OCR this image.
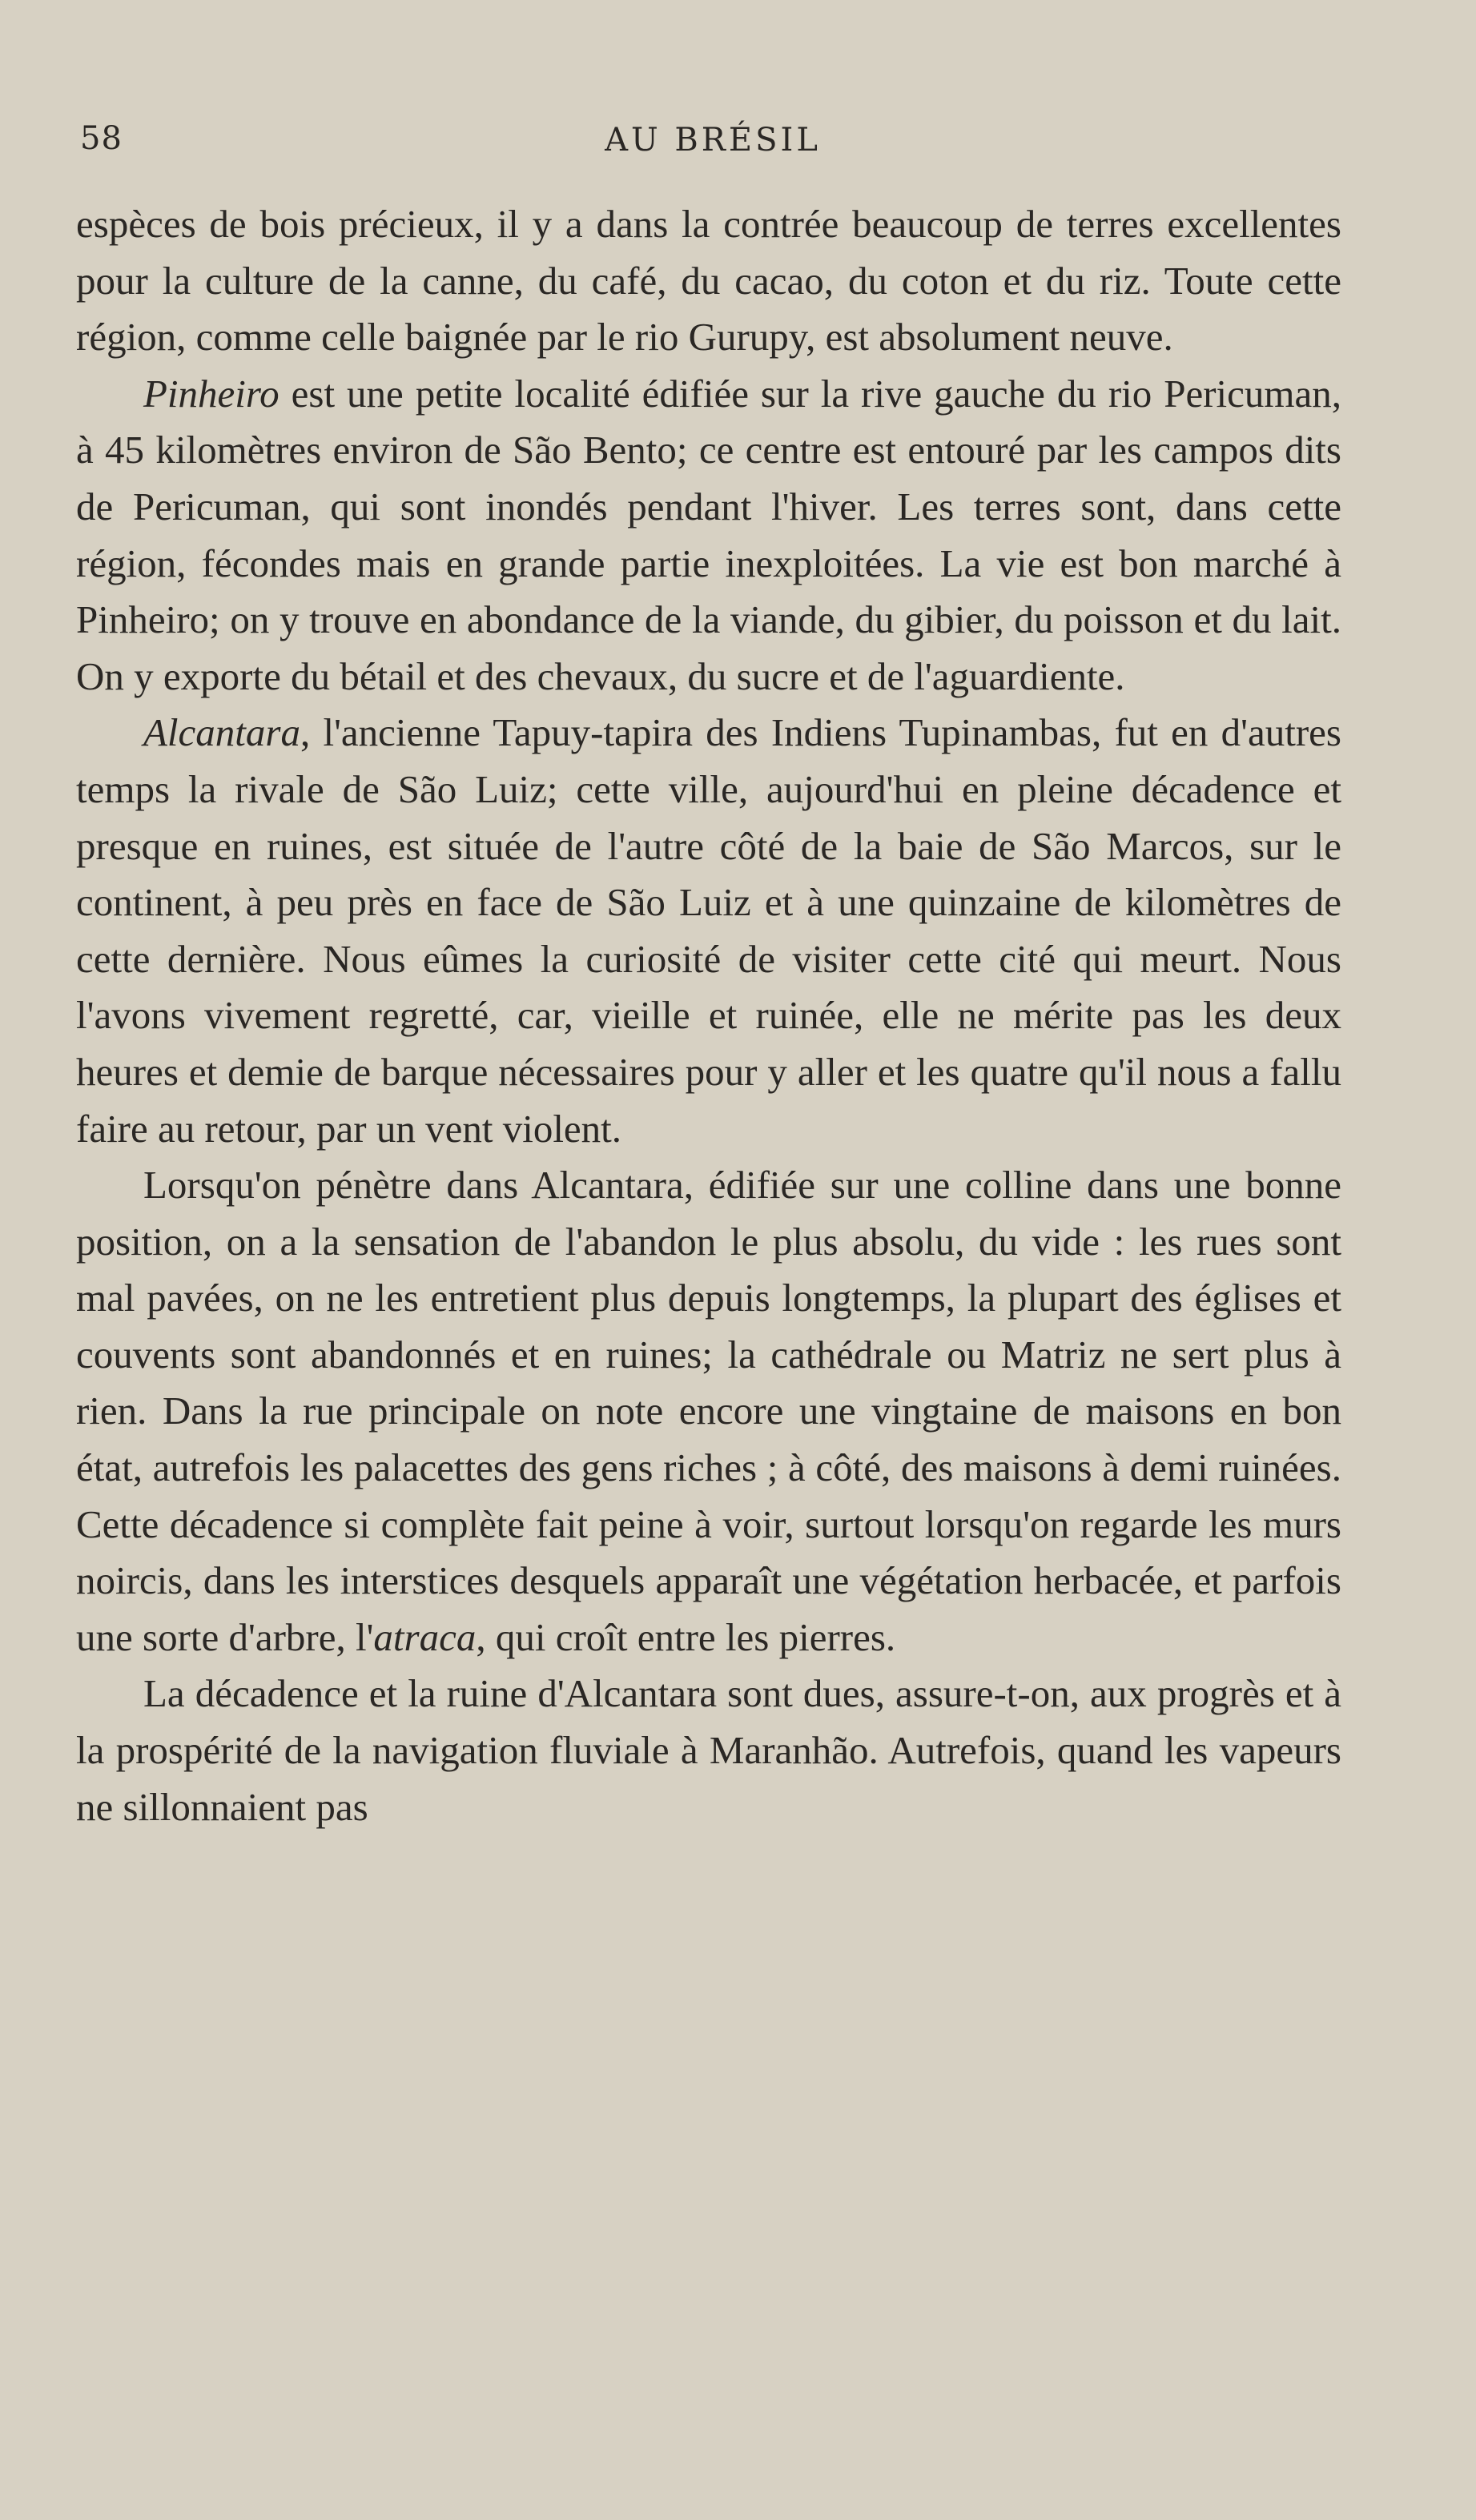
58	AU BRÉSIL

espèces de bois précieux, il y a dans la contrée beaucoup de terres excellentes pour la culture de la canne, du café, du cacao, du coton et du riz. Toute cette région, comme celle baignée par le rio Gurupy, est absolument neuve.

Pinheiro est une petite localité édifiée sur la rive gauche du rio Pericuman, à 45 kilomètres environ de São Bento; ce centre est entouré par les campos dits de Pericuman, qui sont inondés pendant l'hiver. Les terres sont, dans cette région, fécondes mais en grande partie inexploitées. La vie est bon marché à Pinheiro; on y trouve en abondance de la viande, du gibier, du poisson et du lait. On y exporte du bétail et des chevaux, du sucre et de l'aguardiente.

Alcantara, l'ancienne Tapuy-tapira des Indiens Tupinambas, fut en d'autres temps la rivale de São Luiz; cette ville, aujourd'hui en pleine décadence et presque en ruines, est située de l'autre côté de la baie de São Marcos, sur le continent, à peu près en face de São Luiz et à une quinzaine de kilomètres de cette dernière. Nous eûmes la curiosité de visiter cette cité qui meurt. Nous l'avons vivement regretté, car, vieille et ruinée, elle ne mérite pas les deux heures et demie de barque nécessaires pour y aller et les quatre qu'il nous a fallu faire au retour, par un vent violent.

Lorsqu'on pénètre dans Alcantara, édifiée sur une colline dans une bonne position, on a la sensation de l'abandon le plus absolu, du vide : les rues sont mal pavées, on ne les entretient plus depuis longtemps, la plupart des églises et couvents sont abandonnés et en ruines; la cathédrale ou Matriz ne sert plus à rien. Dans la rue principale on note encore une vingtaine de maisons en bon état, autrefois les palacettes des gens riches ; à côté, des maisons à demi ruinées. Cette décadence si complète fait peine à voir, surtout lorsqu'on regarde les murs noircis, dans les interstices desquels apparaît une végétation herbacée, et parfois une sorte d'arbre, l'atraca, qui croît entre les pierres.

La décadence et la ruine d'Alcantara sont dues, assure-t-on, aux progrès et à la prospérité de la navigation fluviale à Maranhão. Autrefois, quand les vapeurs ne sillonnaient pas
